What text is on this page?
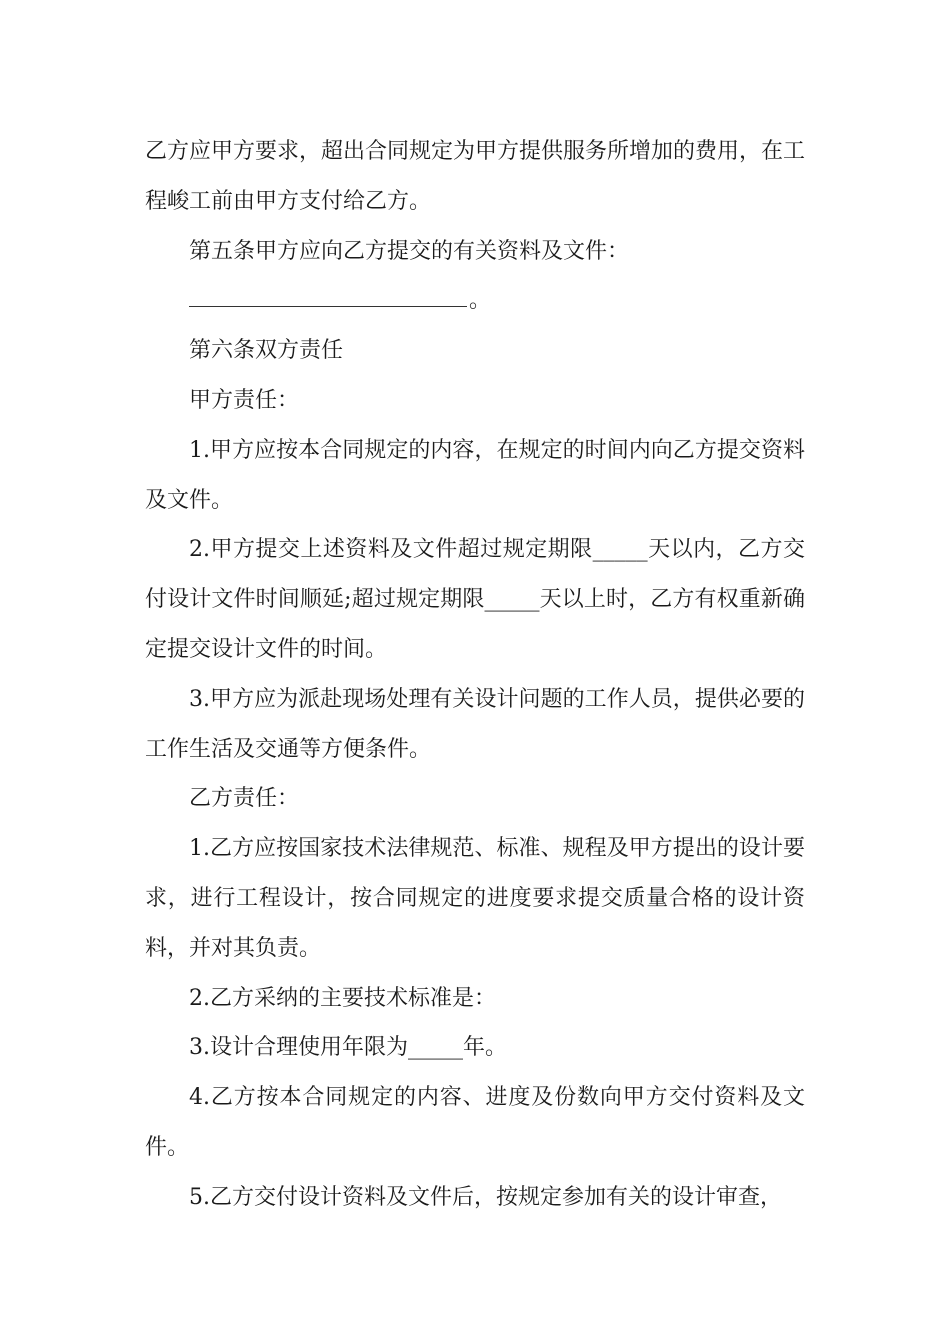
乙方应甲方要求，超出合同规定为甲方提供服务所增加的费用，在工程峻工前由甲方支付给乙方。

第五条甲方应向乙方提交的有关资料及文件：

。

第六条双方责任

甲方责任：

1.甲方应按本合同规定的内容，在规定的时间内向乙方提交资料及文件。

2.甲方提交上述资料及文件超过规定期限_____天以内，乙方交付设计文件时间顺延;超过规定期限_____天以上时，乙方有权重新确定提交设计文件的时间。

3.甲方应为派赴现场处理有关设计问题的工作人员，提供必要的工作生活及交通等方便条件。

乙方责任：

1.乙方应按国家技术法律规范、标准、规程及甲方提出的设计要求，进行工程设计，按合同规定的进度要求提交质量合格的设计资料，并对其负责。

2.乙方采纳的主要技术标准是：

3.设计合理使用年限为_____年。

4.乙方按本合同规定的内容、进度及份数向甲方交付资料及文件。

5.乙方交付设计资料及文件后，按规定参加有关的设计审查，
